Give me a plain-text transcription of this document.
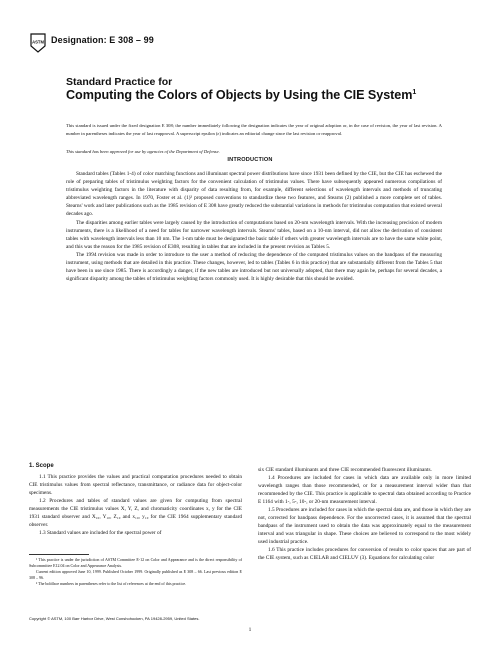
ASTM Designation: E 308 – 99
Standard Practice for
Computing the Colors of Objects by Using the CIE System$^1$
This standard is issued under the fixed designation E 308; the number immediately following the designation indicates the year of original adoption or, in the case of revision, the year of last revision. A number in parentheses indicates the year of last reapproval. A superscript epsilon (ε) indicates an editorial change since the last revision or reapproval.
This standard has been approved for use by agencies of the Department of Defense.
INTRODUCTION

Standard tables (Tables 1-4) of color matching functions and illuminant spectral power distributions have since 1931 been defined by the CIE, but the CIE has eschewed the role of preparing tables of tristimulus weighting factors for the convenient calculation of tristimulus values. There have subsequently appeared numerous compilations of tristimulus weighting factors in the literature with disparity of data resulting from, for example, different selections of wavelength intervals and methods of truncating abbreviated wavelength ranges. In 1970, Foster et al. (1)² proposed conventions to standardize these two features, and Stearns (2) published a more complete set of tables. Stearns' work and later publications such as the 1985 revision of E 308 have greatly reduced the substantial variations in methods for tristimulus computation that existed several decades ago.

The disparities among earlier tables were largely caused by the introduction of computations based on 20-nm wavelength intervals. With the increasing precision of modern instruments, there is a likelihood of a need for tables for narrower wavelength intervals. Stearns' tables, based on a 10-nm interval, did not allow the derivation of consistent tables with wavelength intervals less than 10 nm. The 1-nm table must be designated the basic table if others with greater wavelength intervals are to have the same white point, and this was the reason for the 1985 revision of E308, resulting in tables that are included in the present revision as Tables 5.

The 1994 revision was made in order to introduce to the user a method of reducing the dependence of the computed tristimulus values on the bandpass of the measuring instrument, using methods that are detailed in this practice. These changes, however, led to tables (Tables 6 in this practice) that are substantially different from the Tables 5 that have been in use since 1985. There is accordingly a danger, if the new tables are introduced but not universally adopted, that there may again be, perhaps for several decades, a significant disparity among the tables of tristimulus weighting factors commonly used. It is highly desirable that this should be avoided.

1. Scope

1.1 This practice provides the values and practical computation procedures needed to obtain CIE tristimulus values from spectral reflectance, transmittance, or radiance data for object-color specimens.

1.2 Procedures and tables of standard values are given for computing from spectral measurements the CIE tristimulus values X, Y, Z, and chromaticity coordinates x, y for the CIE 1931 standard observer and X₁₀, Y₁₀, Z₁₀ and x₁₀, y₁₀ for the CIE 1964 supplementary standard observer.

1.3 Standard values are included for the spectral power of

¹ This practice is under the jurisdiction of ASTM Committee E-12 on Color and Appearance and is the direct responsibility of Subcommittee E12.04 on Color and Appearance Analysis.

Current edition approved June 10, 1999. Published October 1999. Originally published as E 308 – 66. Last previous edition E 308 – 96.

² The boldface numbers in parentheses refer to the list of references at the end of this practice.

six CIE standard illuminants and three CIE recommended fluorescent illuminants.

1.4 Procedures are included for cases in which data are available only in more limited wavelength ranges than those recommended, or for a measurement interval wider than that recommended by the CIE. This practice is applicable to spectral data obtained according to Practice E 1164 with 1-, 5-, 10-, or 20-nm measurement interval.

1.5 Procedures are included for cases in which the spectral data are, and those in which they are not, corrected for bandpass dependence. For the uncorrected cases, it is assumed that the spectral bandpass of the instrument used to obtain the data was approximately equal to the measurement interval and was triangular in shape. These choices are believed to correspond to the most widely used industrial practice.

1.6 This practice includes procedures for conversion of results to color spaces that are part of the CIE system, such as CIELAB and CIELUV (3). Equations for calculating color

Copyright © ASTM, 100 Barr Harbor Drive, West Conshohocken, PA 19428-2959, United States.
1
